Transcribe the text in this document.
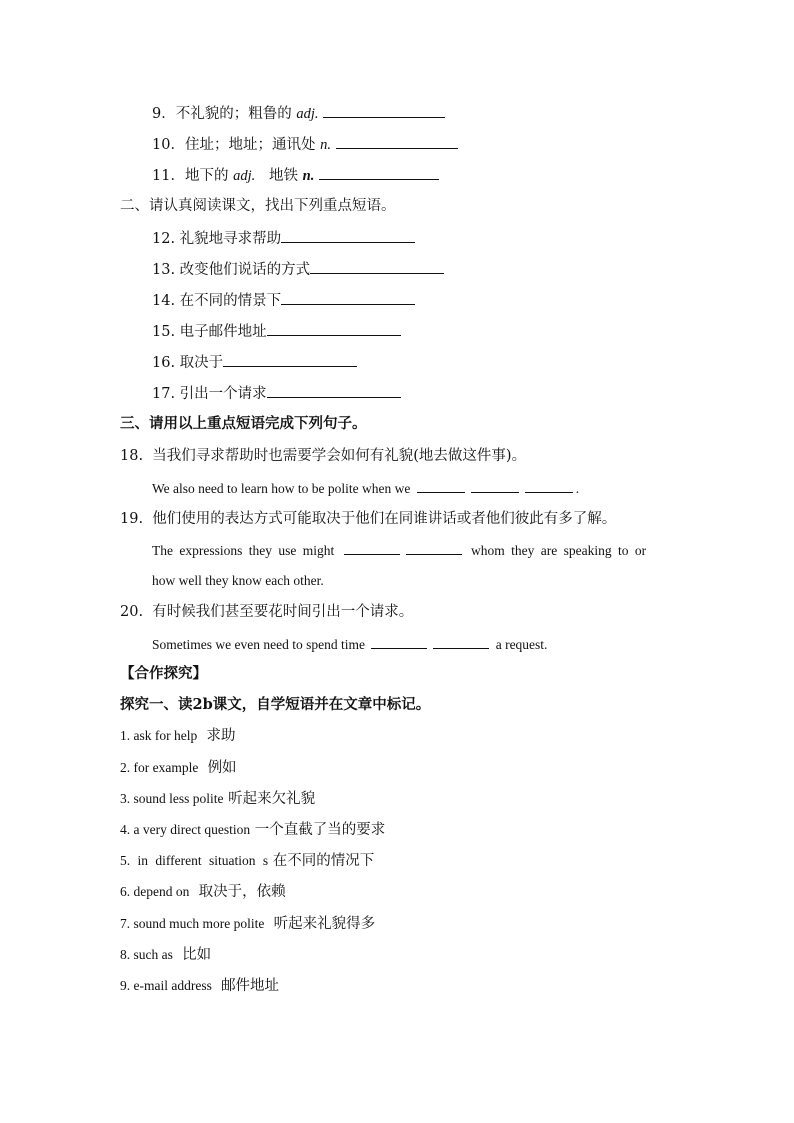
9．不礼貌的；粗鲁的 adj.
10．住址；地址；通讯处 n.
11．地下的 adj. 地铁 n.
二、请认真阅读课文，找出下列重点短语。
12. 礼貌地寻求帮助
13. 改变他们说话的方式
14. 在不同的情景下
15. 电子邮件地址
16. 取决于
17. 引出一个请求
三、请用以上重点短语完成下列句子。
18. 当我们寻求帮助时也需要学会如何有礼貌(地去做这件事)。
We also need to learn how to be polite when we	.
19. 他们使用的表达方式可能取决于他们在同谁讲话或者他们彼此有多了解。
The expressions they use might	whom they are speaking to or
how well they know each other.
20. 有时候我们甚至要花时间引出一个请求。
Sometimes we even need to spend time	a request.
【合作探究】
探究一、读2b课文，自学短语并在文章中标记。
1. ask for help 求助
2. for example 例如
3. sound less polite 听起来欠礼貌
4. a very direct question 一个直截了当的要求
5. in different situation s 在不同的情况下
6. depend on 取决于，依赖
7. sound much more polite 听起来礼貌得多
8. such as 比如
9. e-mail address 邮件地址
